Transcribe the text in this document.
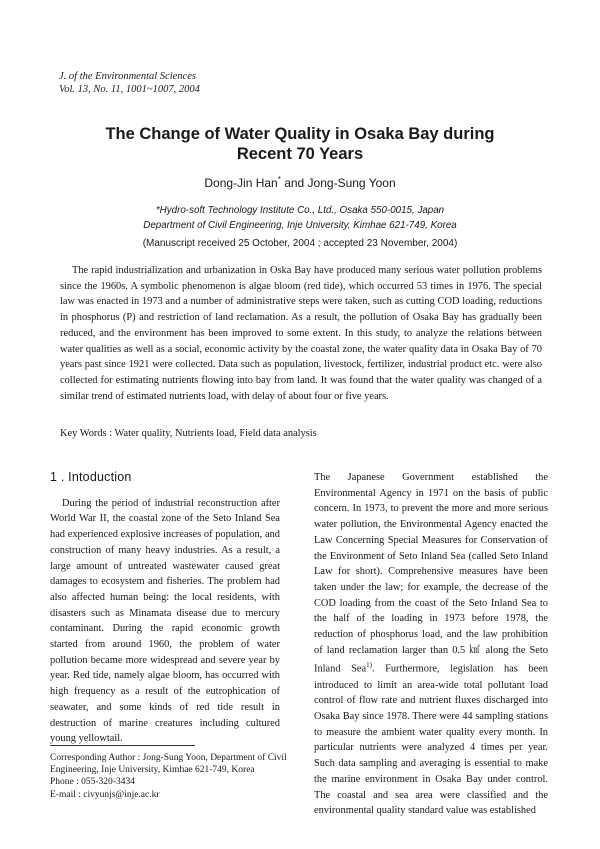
J. of the Environmental Sciences
Vol. 13, No. 11, 1001~1007, 2004
The Change of Water Quality in Osaka Bay during
Recent 70 Years
Dong-Jin Han* and Jong-Sung Yoon
*Hydro-soft Technology Institute Co., Ltd., Osaka 550-0015, Japan
Department of Civil Engineering, Inje University, Kimhae 621-749, Korea
(Manuscript received 25 October, 2004 ; accepted 23 November, 2004)

The rapid industrialization and urbanization in Oska Bay have produced many serious water pollution problems since the 1960s. A symbolic phenomenon is algae bloom (red tide), which occurred 53 times in 1976. The special law was enacted in 1973 and a number of administrative steps were taken, such as cutting COD loading, reductions in phosphorus (P) and restriction of land reclamation. As a result, the pollution of Osaka Bay has gradually been reduced, and the environment has been improved to some extent. In this study, to analyze the relations between water qualities as well as a social, economic activity by the coastal zone, the water quality data in Osaka Bay of 70 years past since 1921 were collected. Data such as population, livestock, fertilizer, industrial product etc. were also collected for estimating nutrients flowing into bay from land. It was found that the water quality was changed of a similar trend of estimated nutrients load, with delay of about four or five years.

Key Words : Water quality, Nutrients load, Field data analysis
1 . Intoduction

During the period of industrial reconstruction after World War II, the coastal zone of the Seto Inland Sea had experienced explosive increases of population, and construction of many heavy industries. As a result, a large amount of untreated wastewater caused great damages to ecosystem and fisheries. The problem had also affected human being: the local residents, with disasters such as Minamata disease due to mercury contaminant. During the rapid economic growth started from around 1960, the problem of water pollution became more widespread and severe year by year. Red tide, namely algae bloom, has occurred with high frequency as a result of the eutrophication of seawater, and some kinds of red tide result in destruction of marine creatures including cultured young yellowtail.

The Japanese Government established the Environmental Agency in 1971 on the basis of public concern. In 1973, to prevent the more and more serious water pollution, the Environmental Agency enacted the Law Concerning Special Measures for Conservation of the Environment of Seto Inland Sea (called Seto Inland Law for short). Comprehensive measures have been taken under the law; for example, the decrease of the COD loading from the coast of the Seto Inland Sea to the half of the loading in 1973 before 1978, the reduction of phosphorus load, and the law prohibition of land reclamation larger than 0.5 ㎢ along the Seto Inland Sea$^{1)}$. Furthermore, legislation has been introduced to limit an area-wide total pollutant load control of flow rate and nutrient fluxes discharged into Osaka Bay since 1978. There were 44 sampling stations to measure the ambient water quality every month. In particular nutrients were analyzed 4 times per year. Such data sampling and averaging is essential to make the marine environment in Osaka Bay under control. The coastal and sea area were classified and the environmental quality standard value was established

Corresponding Author : Jong-Sung Yoon, Department of Civil Engineering, Inje University, Kimhae 621-749, Korea
Phone : 055-320-3434
E-mail : civyunjs@inje.ac.kr
